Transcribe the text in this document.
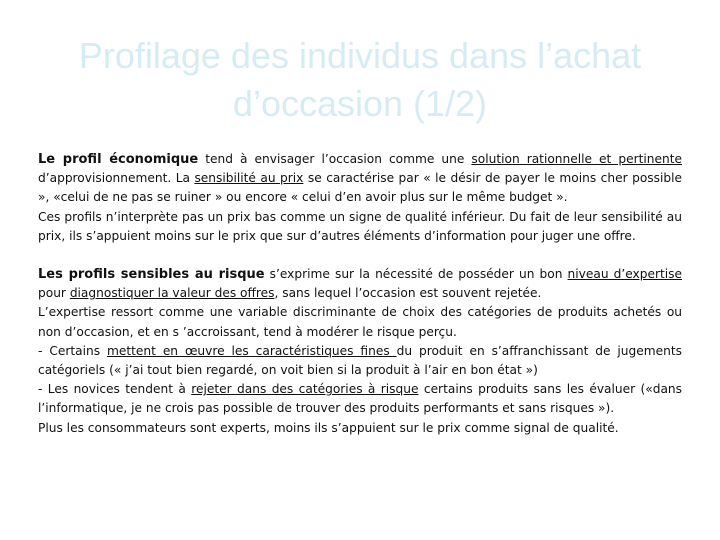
Profilage des individus dans l’achat
d’occasion (1/2)

Le profil économique tend à envisager l’occasion comme une solution rationnelle et pertinente d’approvisionnement. La sensibilité au prix se caractérise par « le désir de payer le moins cher possible », «celui de ne pas se ruiner » ou encore « celui d’en avoir plus sur le même budget ».

Ces profils n’interprète pas un prix bas comme un signe de qualité inférieur. Du fait de leur sensibilité au prix, ils s’appuient moins sur le prix que sur d’autres éléments d’information pour juger une offre.

Les profils sensibles au risque s’exprime sur la nécessité de posséder un bon niveau d’expertise pour diagnostiquer la valeur des offres, sans lequel l’occasion est souvent rejetée.

L’expertise ressort comme une variable discriminante de choix des catégories de produits achetés ou non d’occasion, et en s ’accroissant, tend à modérer le risque perçu.

- Certains mettent en œuvre les caractéristiques fines du produit en s’affranchissant de jugements catégoriels (« j’ai tout bien regardé, on voit bien si la produit à l’air en bon état »)

- Les novices tendent à rejeter dans des catégories à risque certains produits sans les évaluer («dans l’informatique, je ne crois pas possible de trouver des produits performants et sans risques »).

Plus les consommateurs sont experts, moins ils s’appuient sur le prix comme signal de qualité.
